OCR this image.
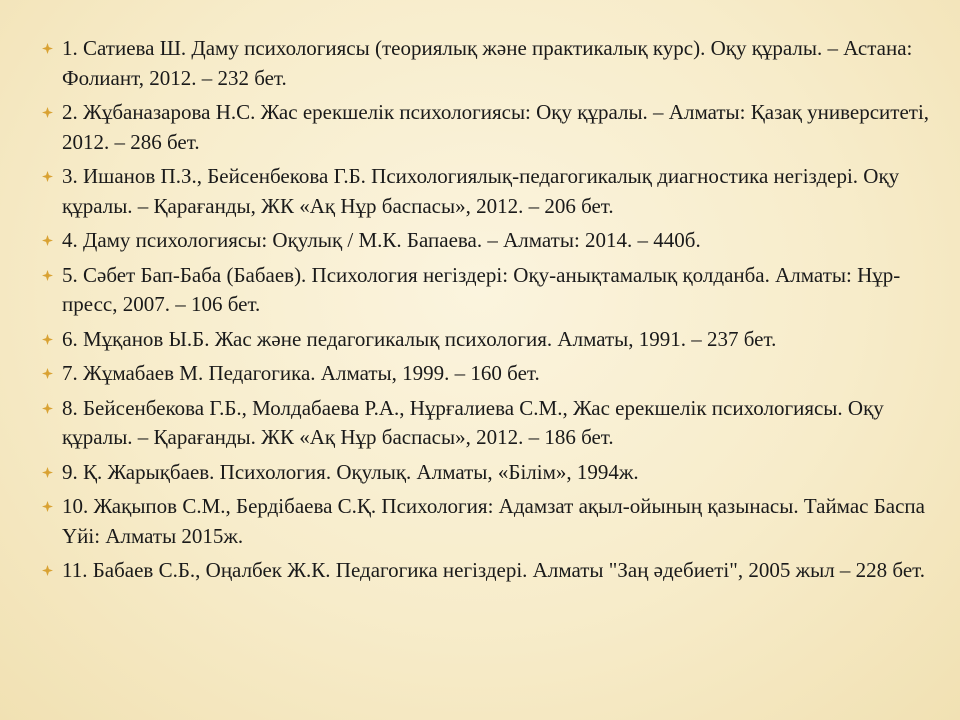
1. Сатиева Ш. Даму психологиясы (теориялық және практикалық курс). Оқу құралы. – Астана: Фолиант, 2012. – 232 бет.
2. Жұбаназарова Н.С. Жас ерекшелік психологиясы: Оқу құралы. – Алматы: Қазақ университеті, 2012. – 286 бет.
3. Ишанов П.З., Бейсенбекова Г.Б. Психологиялық-педагогикалық диагностика негіздері. Оқу құралы. – Қарағанды, ЖК «Ақ Нұр баспасы», 2012. – 206 бет.
4. Даму психологиясы: Оқулық / М.К. Бапаева. – Алматы: 2014. – 440б.
5. Сәбет Бап-Баба (Бабаев). Психология негіздері: Оқу-анықтамалық қолданба. Алматы: Нұр-пресс, 2007. – 106 бет.
6. Мұқанов Ы.Б. Жас және педагогикалық психология. Алматы, 1991. – 237 бет.
7. Жұмабаев М. Педагогика. Алматы, 1999. – 160 бет.
8. Бейсенбекова Г.Б., Молдабаева Р.А., Нұрғалиева С.М., Жас ерекшелік психологиясы. Оқу құралы. – Қарағанды. ЖК «Ақ Нұр баспасы», 2012. – 186 бет.
9. Қ. Жарықбаев. Психология. Оқулық. Алматы, «Білім», 1994ж.
10. Жақыпов С.М., Бердібаева С.Қ. Психология: Адамзат ақыл-ойының қазынасы. Таймас Баспа Үйі: Алматы 2015ж.
11. Бабаев С.Б., Оңалбек Ж.К. Педагогика негіздері. Алматы "Заң әдебиеті", 2005 жыл – 228 бет.
